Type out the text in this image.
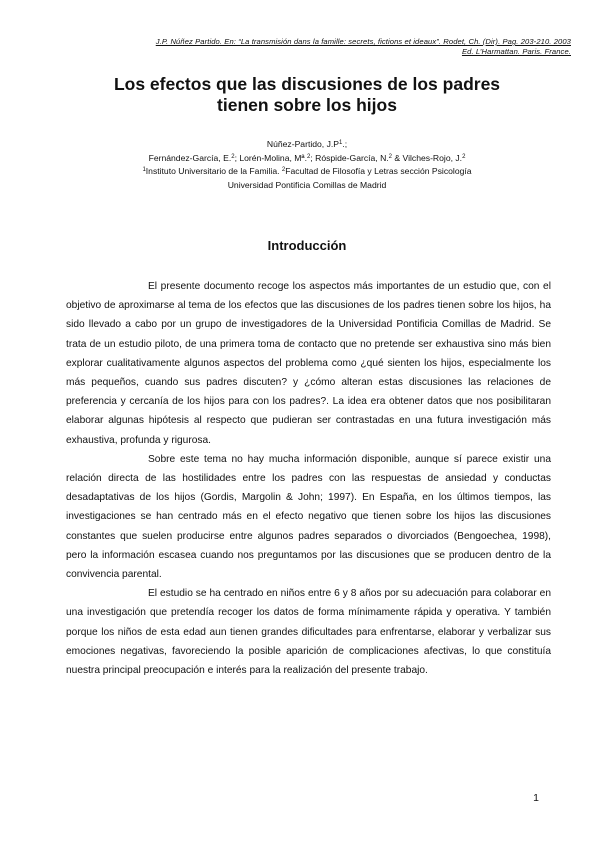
J.P. Núñez Partido. En: “La transmisión dans la famille: secrets, fictions et ideaux”. Rodet, Ch. (Dir). Pag. 203-210. 2003
Ed. L’Harmattan. Paris. France.
Los efectos que las discusiones de los padres
tienen sobre los hijos
Núñez-Partido, $J.P^1$.;
Fernández-García, E.$^2$; Lorén-Molina, Mª.$^2$; Róspide-García, N.$^2$ & Vilches-Rojo, J.$^2$
$^1$Instituto Universitario de la Familia. $^2$Facultad de Filosofía y Letras sección Psicología
Universidad Pontificia Comillas de Madrid
Introducción

El presente documento recoge los aspectos más importantes de un estudio que, con el objetivo de aproximarse al tema de los efectos que las discusiones de los padres tienen sobre los hijos, ha sido llevado a cabo por un grupo de investigadores de la Universidad Pontificia Comillas de Madrid. Se trata de un estudio piloto, de una primera toma de contacto que no pretende ser exhaustiva sino más bien explorar cualitativamente algunos aspectos del problema como ¿qué sienten los hijos, especialmente los más pequeños, cuando sus padres discuten? y ¿cómo alteran estas discusiones las relaciones de preferencia y cercanía de los hijos para con los padres?. La idea era obtener datos que nos posibilitaran elaborar algunas hipótesis al respecto que pudieran ser contrastadas en una futura investigación más exhaustiva, profunda y rigurosa.

Sobre este tema no hay mucha información disponible, aunque sí parece existir una relación directa de las hostilidades entre los padres con las respuestas de ansiedad y conductas desadaptativas de los hijos (Gordis, Margolin & John; 1997). En España, en los últimos tiempos, las investigaciones se han centrado más en el efecto negativo que tienen sobre los hijos las discusiones constantes que suelen producirse entre algunos padres separados o divorciados (Bengoechea, 1998), pero la información escasea cuando nos preguntamos por las discusiones que se producen dentro de la convivencia parental.

El estudio se ha centrado en niños entre 6 y 8 años por su adecuación para colaborar en una investigación que pretendía recoger los datos de forma mínimamente rápida y operativa. Y también porque los niños de esta edad aun tienen grandes dificultades para enfrentarse, elaborar y verbalizar sus emociones negativas, favoreciendo la posible aparición de complicaciones afectivas, lo que constituía nuestra principal preocupación e interés para la realización del presente trabajo.

1
